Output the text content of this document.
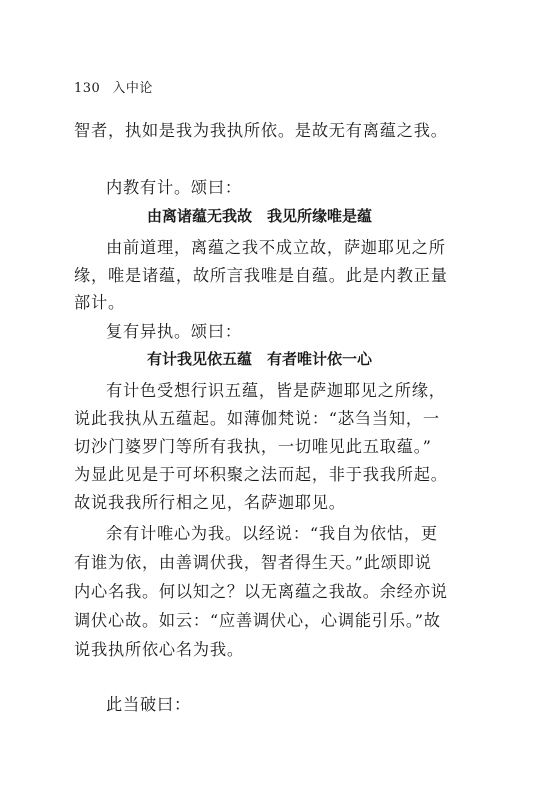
130 入中论
智者，执如是我为我执所依。是故无有离蕴之我。
内教有计。颂曰：
由离诸蕴无我故　我见所缘唯是蕴
由前道理，离蕴之我不成立故，萨迦耶见之所
缘，唯是诸蕴，故所言我唯是自蕴。此是内教正量
部计。
复有异执。颂曰：
有计我见依五蕴　有者唯计依一心
有计色受想行识五蕴，皆是萨迦耶见之所缘，
说此我执从五蕴起。如薄伽梵说：“苾刍当知，一
切沙门婆罗门等所有我执，一切唯见此五取蕴。”
为显此见是于可坏积聚之法而起，非于我我所起。
故说我我所行相之见，名萨迦耶见。
余有计唯心为我。以经说：“我自为依怙，更
有谁为依，由善调伏我，智者得生天。”此颂即说
内心名我。何以知之？以无离蕴之我故。余经亦说
调伏心故。如云：“应善调伏心，心调能引乐。”故
说我执所依心名为我。
此当破曰：
